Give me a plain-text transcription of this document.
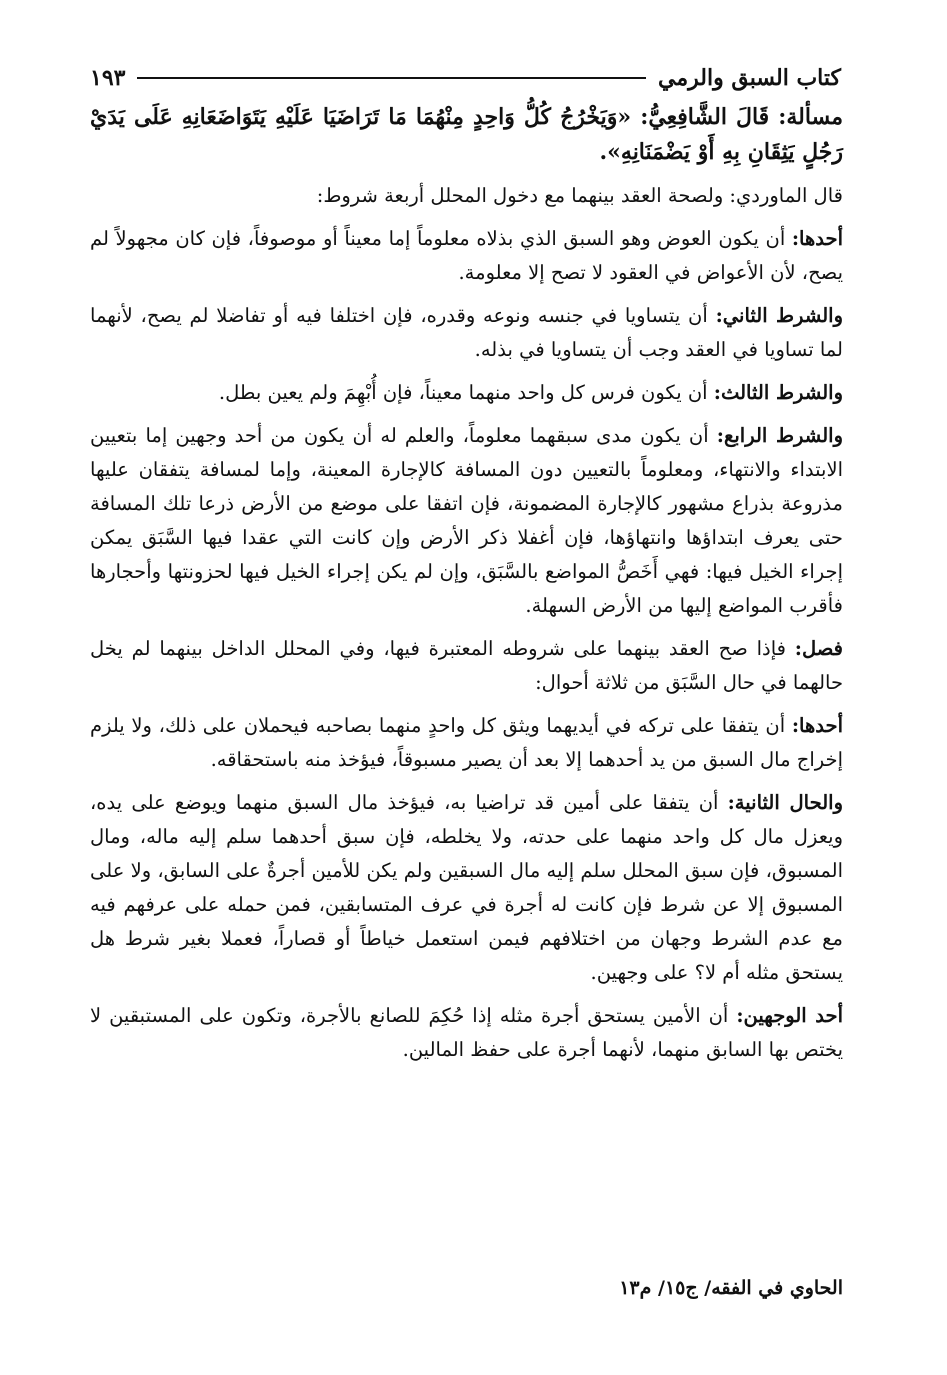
كتاب السبق والرمي
١٩٣

مسألة: قَالَ الشَّافِعِيُّ: «وَيَخْرُجُ كُلُّ وَاحِدٍ مِنْهُمَا مَا تَرَاضَيَا عَلَيْهِ يَتَوَاضَعَانِهِ عَلَى يَدَيْ رَجُلٍ يَثِقَانِ بِهِ أَوْ يَضْمَنَانِهِ».

قال الماوردي: ولصحة العقد بينهما مع دخول المحلل أربعة شروط:

أحدها: أن يكون العوض وهو السبق الذي بذلاه معلوماً إما معيناً أو موصوفاً، فإن كان مجهولاً لم يصح، لأن الأعواض في العقود لا تصح إلا معلومة.

والشرط الثاني: أن يتساويا في جنسه ونوعه وقدره، فإن اختلفا فيه أو تفاضلا لم يصح، لأنهما لما تساويا في العقد وجب أن يتساويا في بذله.

والشرط الثالث: أن يكون فرس كل واحد منهما معيناً، فإن أُبْهِمَ ولم يعين بطل.

والشرط الرابع: أن يكون مدى سبقهما معلوماً، والعلم له أن يكون من أحد وجهين إما بتعيين الابتداء والانتهاء، ومعلوماً بالتعيين دون المسافة كالإجارة المعينة، وإما لمسافة يتفقان عليها مذروعة بذراع مشهور كالإجارة المضمونة، فإن اتفقا على موضع من الأرض ذرعا تلك المسافة حتى يعرف ابتداؤها وانتهاؤها، فإن أغفلا ذكر الأرض وإن كانت التي عقدا فيها السَّبَق يمكن إجراء الخيل فيها: فهي أَخَصُّ المواضع بالسَّبَق، وإن لم يكن إجراء الخيل فيها لحزونتها وأحجارها فأقرب المواضع إليها من الأرض السهلة.

فصل: فإذا صح العقد بينهما على شروطه المعتبرة فيها، وفي المحلل الداخل بينهما لم يخل حالهما في حال السَّبَق من ثلاثة أحوال:

أحدها: أن يتفقا على تركه في أيديهما ويثق كل واحدٍ منهما بصاحبه فيحملان على ذلك، ولا يلزم إخراج مال السبق من يد أحدهما إلا بعد أن يصير مسبوقاً، فيؤخذ منه باستحقاقه.

والحال الثانية: أن يتفقا على أمين قد تراضيا به، فيؤخذ مال السبق منهما ويوضع على يده، ويعزل مال كل واحد منهما على حدته، ولا يخلطه، فإن سبق أحدهما سلم إليه ماله، ومال المسبوق، فإن سبق المحلل سلم إليه مال السبقين ولم يكن للأمين أجرةٌ على السابق، ولا على المسبوق إلا عن شرط فإن كانت له أجرة في عرف المتسابقين، فمن حمله على عرفهم فيه مع عدم الشرط وجهان من اختلافهم فيمن استعمل خياطاً أو قصاراً، فعملا بغير شرط هل يستحق مثله أم لا؟ على وجهين.

أحد الوجهين: أن الأمين يستحق أجرة مثله إذا حُكِمَ للصانع بالأجرة، وتكون على المستبقين لا يختص بها السابق منهما، لأنهما أجرة على حفظ المالين.

الحاوي في الفقه/ ج١٥/ م١٣
